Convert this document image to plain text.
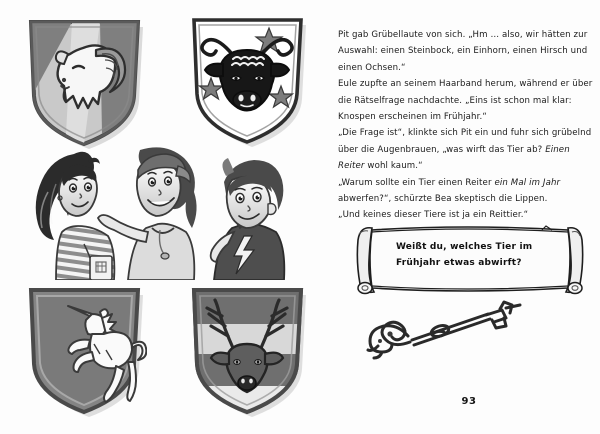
Pit gab Grübellaute von sich. „Hm … also, wir hätten zur Auswahl: einen Steinbock, ein Einhorn, einen Hirsch und einen Ochsen.“

Eule zupfte an seinem Haarband herum, während er über die Rätselfrage nachdachte. „Eins ist schon mal klar: Knospen erscheinen im Frühjahr.“

„Die Frage ist“, klinkte sich Pit ein und fuhr sich grübelnd über die Augenbrauen, „was wirft das Tier ab? Einen Reiter wohl kaum.“

„Warum sollte ein Tier einen Reiter ein Mal im Jahr abwerfen?“, schürzte Bea skeptisch die Lippen.

„Und keines dieser Tiere ist ja ein Reittier.“

Weißt du, welches Tier im
Frühjahr etwas abwirft?
93
